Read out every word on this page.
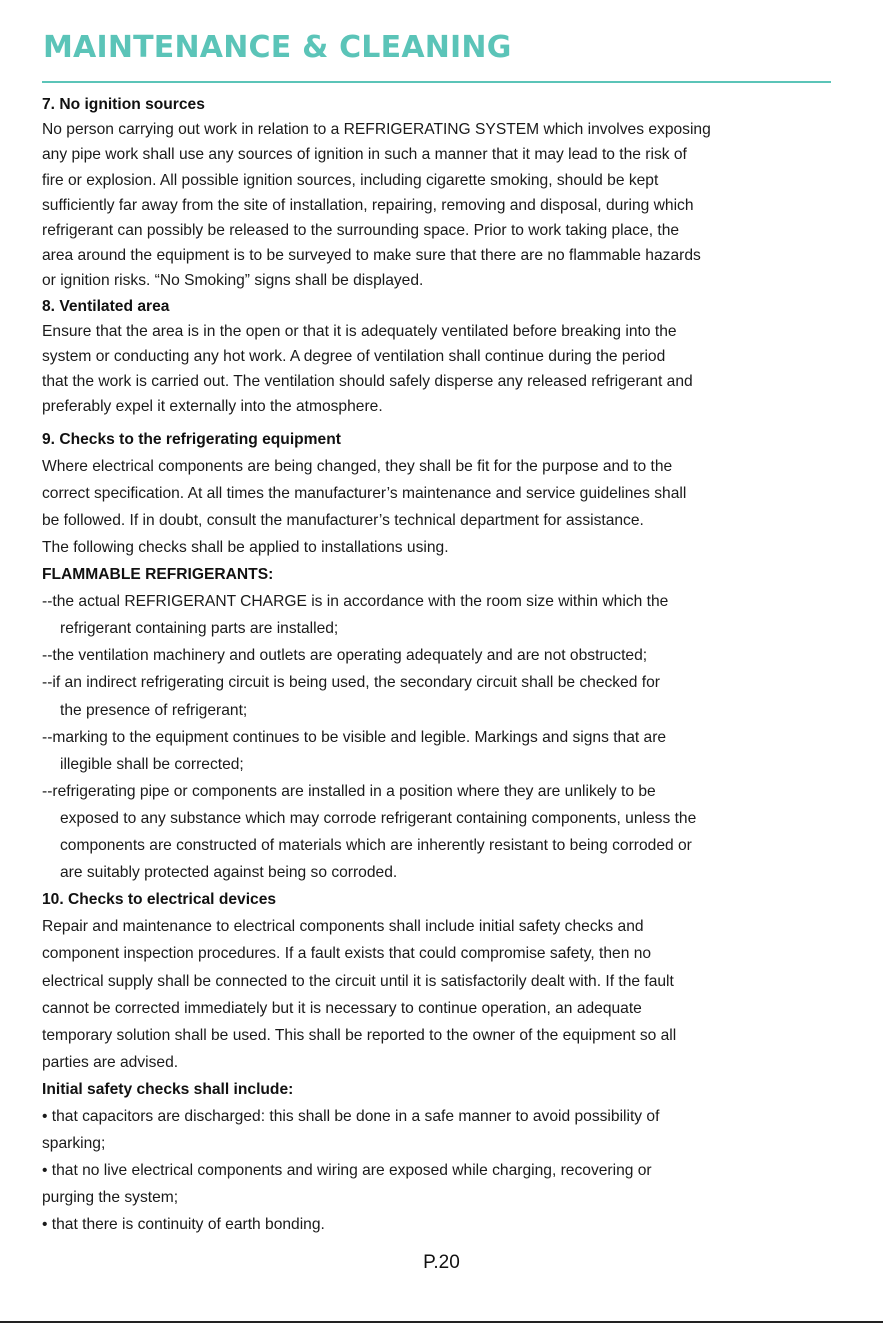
MAINTENANCE & CLEANING
7. No ignition sources
No person carrying out work in relation to a REFRIGERATING SYSTEM which involves exposing
any pipe work shall use any sources of ignition in such a manner that it may lead to the risk of
fire or explosion. All possible ignition sources, including cigarette smoking, should be kept
sufficiently far away from the site of installation, repairing, removing and disposal, during which
refrigerant can possibly be released to the surrounding space. Prior to work taking place, the
area around the equipment is to be surveyed to make sure that there are no flammable hazards
or ignition risks. “No Smoking” signs shall be displayed.
8. Ventilated area
Ensure that the area is in the open or that it is adequately ventilated before breaking into the
system or conducting any hot work. A degree of ventilation shall continue during the period
that the work is carried out. The ventilation should safely disperse any released refrigerant and
preferably expel it externally into the atmosphere.
9. Checks to the refrigerating equipment
Where electrical components are being changed, they shall be fit for the purpose and to the
correct specification. At all times the manufacturer’s maintenance and service guidelines shall
be followed. If in doubt, consult the manufacturer’s technical department for assistance.
The following checks shall be applied to installations using.
FLAMMABLE REFRIGERANTS:
--the actual REFRIGERANT CHARGE is in accordance with the room size within which the
refrigerant containing parts are installed;
--the ventilation machinery and outlets are operating adequately and are not obstructed;
--if an indirect refrigerating circuit is being used, the secondary circuit shall be checked for
the presence of refrigerant;
--marking to the equipment continues to be visible and legible. Markings and signs that are
illegible shall be corrected;
--refrigerating pipe or components are installed in a position where they are unlikely to be
exposed to any substance which may corrode refrigerant containing components, unless the
components are constructed of materials which are inherently resistant to being corroded or
are suitably protected against being so corroded.
10. Checks to electrical devices
Repair and maintenance to electrical components shall include initial safety checks and
component inspection procedures. If a fault exists that could compromise safety, then no
electrical supply shall be connected to the circuit until it is satisfactorily dealt with. If the fault
cannot be corrected immediately but it is necessary to continue operation, an adequate
temporary solution shall be used. This shall be reported to the owner of the equipment so all
parties are advised.
Initial safety checks shall include:
• that capacitors are discharged: this shall be done in a safe manner to avoid possibility of
sparking;
• that no live electrical components and wiring are exposed while charging, recovering or
purging the system;
• that there is continuity of earth bonding.
P.20
